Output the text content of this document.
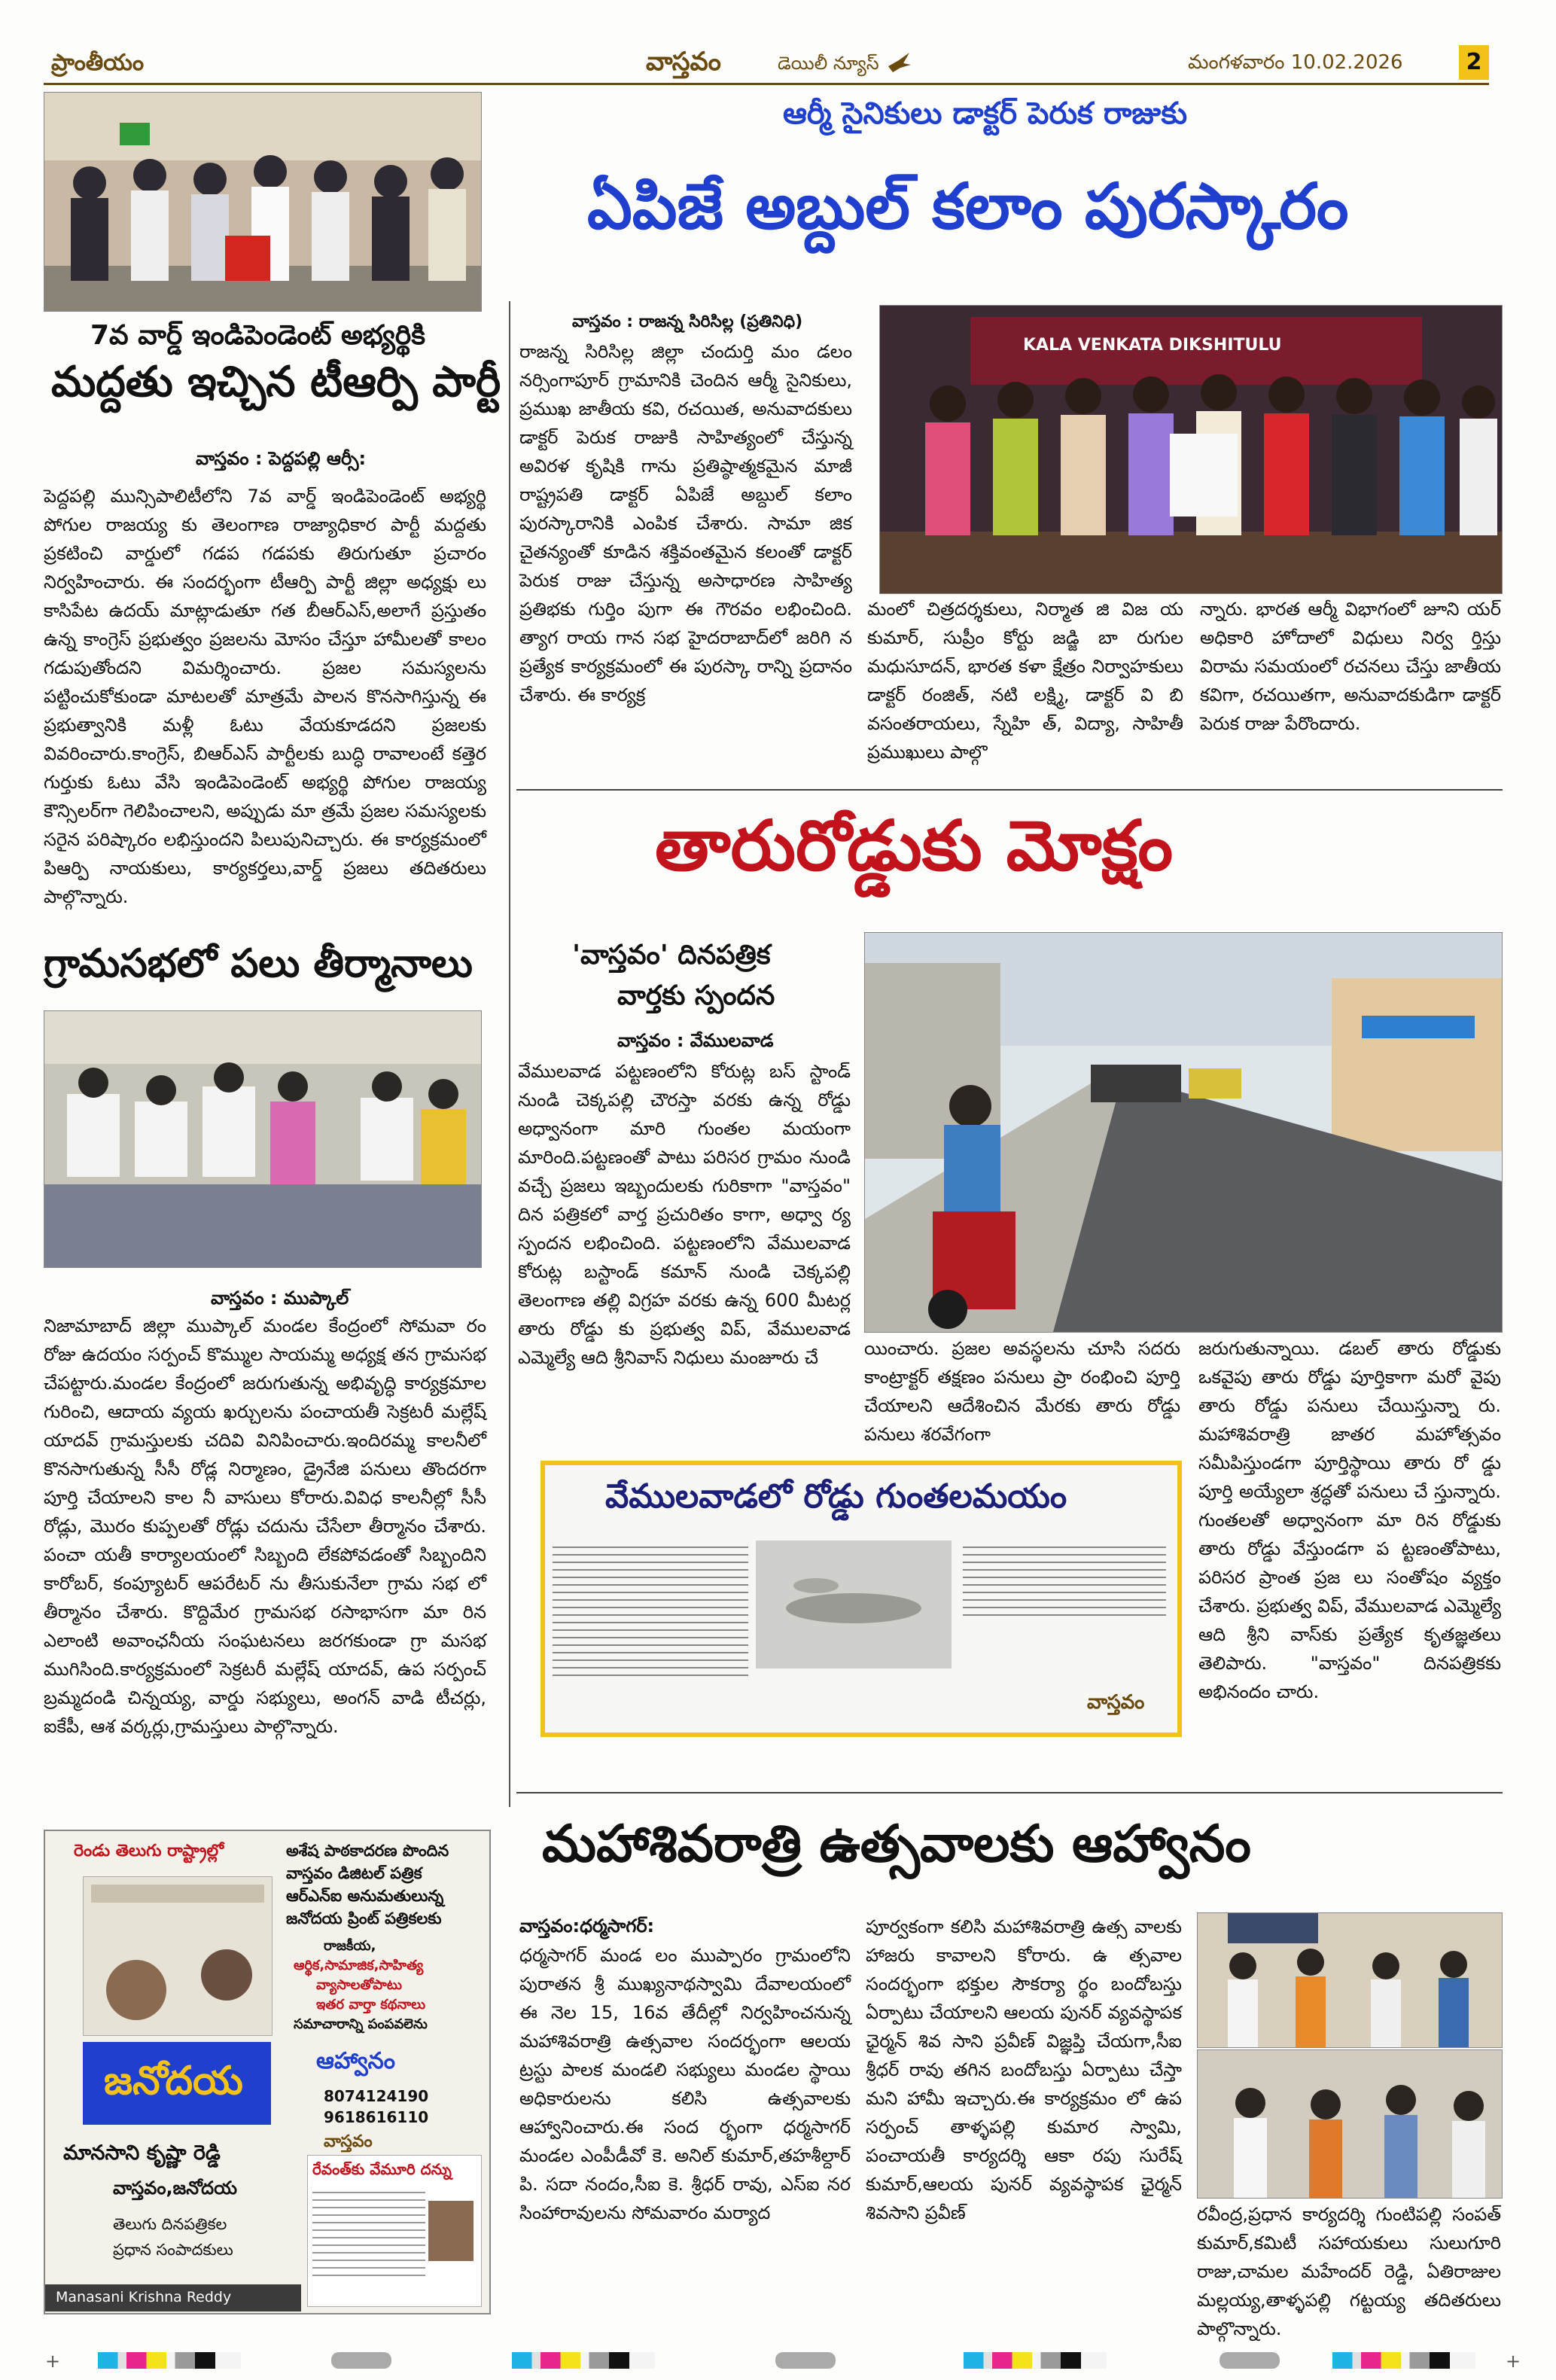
ప్రాంతీయం	వాస్తవం	డెయిలీ న్యూస్	మంగళవారం 10.02.2026	2
7వ వార్డ్ ఇండిపెండెంట్ అభ్యర్థికి
మద్దతు ఇచ్చిన టీఆర్పి పార్టీ
వాస్తవం : పెద్దపల్లి ఆర్సీ:

పెద్దపల్లి మున్సిపాలిటీలోని 7వ వార్డ్ ఇండిపెండెంట్ అభ్యర్థి పోగుల రాజయ్య కు తెలంగాణ రాజ్యాధికార పార్టీ మద్దతు ప్రకటించి వార్డులో గడప గడపకు తిరుగుతూ ప్రచారం నిర్వహించారు. ఈ సందర్భంగా టీఆర్పి పార్టీ జిల్లా అధ్యక్షు లు కాసిపేట ఉదయ్ మాట్లాడుతూ గత బీఆర్ఎస్,అలాగే ప్రస్తుతం ఉన్న కాంగ్రెస్ ప్రభుత్వం ప్రజలను మోసం చేస్తూ హామీలతో కాలం గడుపుతోందని విమర్శించారు. ప్రజల సమస్యలను పట్టించుకోకుండా మాటలతో మాత్రమే పాలన కొనసాగిస్తున్న ఈ ప్రభుత్వానికి మళ్లీ ఓటు వేయకూడదని ప్రజలకు వివరించారు.కాంగ్రెస్, బిఆర్ఎస్ పార్టీలకు బుద్ధి రావాలంటే కత్తెర గుర్తుకు ఓటు వేసి ఇండిపెండెంట్ అభ్యర్థి పోగుల రాజయ్య కౌన్సిలర్‌గా గెలిపించాలని, అప్పుడు మా త్రమే ప్రజల సమస్యలకు సరైన పరిష్కారం లభిస్తుందని పిలుపునిచ్చారు. ఈ కార్యక్రమంలో పిఆర్పి నాయకులు, కార్యకర్తలు,వార్డ్ ప్రజలు తదితరులు పాల్గొన్నారు.

ఆర్మీ సైనికులు డాక్టర్ పెరుక రాజుకు
ఏపిజే అబ్దుల్ కలాం పురస్కారం
వాస్తవం : రాజన్న సిరిసిల్ల (ప్రతినిధి)

రాజన్న సిరిసిల్ల జిల్లా చందుర్తి మం డలం నర్సింగాపూర్ గ్రామానికి చెందిన ఆర్మీ సైనికులు, ప్రముఖ జాతీయ కవి, రచయిత, అనువాదకులు డాక్టర్ పెరుక రాజుకి సాహిత్యంలో చేస్తున్న అవిరళ కృషికి గాను ప్రతిష్ఠాత్మకమైన మాజీ రాష్ట్రపతి డాక్టర్ ఏపిజే అబ్దుల్ కలాం పురస్కారానికి ఎంపిక చేశారు. సామా జిక చైతన్యంతో కూడిన శక్తివంతమైన కలంతో డాక్టర్ పెరుక రాజు చేస్తున్న అసాధారణ సాహిత్య ప్రతిభకు గుర్తిం పుగా ఈ గౌరవం లభించింది. త్యాగ రాయ గాన సభ హైదరాబాద్‌లో జరిగి న ప్రత్యేక కార్యక్రమంలో ఈ పురస్కా రాన్ని ప్రదానం చేశారు. ఈ కార్యక్ర

KALA VENKATA DIKSHITULU

మంలో చిత్రదర్శకులు, నిర్మాత జి విజ య కుమార్, సుప్రీం కోర్టు జడ్జి బా రుగుల మధుసూదన్, భారత కళా క్షేత్రం నిర్వాహకులు డాక్టర్ రంజిత్, నటి లక్ష్మి, డాక్టర్ వి బి వసంతరాయలు, స్నేహి త్, విద్యా, సాహితీ ప్రముఖులు పాల్గొ

న్నారు. భారత ఆర్మీ విభాగంలో జూని యర్ అధికారి హోదాలో విధులు నిర్వ ర్తిస్తు విరామ సమయంలో రచనలు చేస్తు జాతీయ కవిగా, రచయితగా, అనువాదకుడిగా డాక్టర్ పెరుక రాజు పేరొందారు.

గ్రామసభలో పలు తీర్మానాలు
వాస్తవం : ముప్కాల్

నిజామాబాద్ జిల్లా ముప్కాల్ మండల కేంద్రంలో సోమవా రం రోజు ఉదయం సర్పంచ్ కొమ్ముల సాయమ్మ అధ్యక్ష తన గ్రామసభ చేపట్టారు.మండల కేంద్రంలో జరుగుతున్న అభివృద్ధి కార్యక్రమాల గురించి, ఆదాయ వ్యయ ఖర్చులను పంచాయతీ సెక్రటరీ మల్లేష్ యాదవ్ గ్రామస్తులకు చదివి వినిపించారు.ఇందిరమ్మ కాలనీలో కొనసాగుతున్న సీసీ రోడ్ల నిర్మాణం, డ్రైనేజి పనులు తొందరగా పూర్తి చేయాలని కాల నీ వాసులు కోరారు.వివిధ కాలనీల్లో సీసీ రోడ్లు, మొరం కుప్పలతో రోడ్లు చదును చేసేలా తీర్మానం చేశారు. పంచా యతీ కార్యాలయంలో సిబ్బంది లేకపోవడంతో సిబ్బందిని కారోబర్, కంప్యూటర్ ఆపరేటర్ ను తీసుకునేలా గ్రామ సభ లో తీర్మానం చేశారు. కొద్దిమేర గ్రామసభ రసాభాసగా మా రిన ఎలాంటి అవాంఛనీయ సంఘటనలు జరగకుండా గ్రా మసభ ముగిసింది.కార్యక్రమంలో సెక్రటరీ మల్లేష్ యాదవ్, ఉప సర్పంచ్ బ్రమ్మదండి చిన్నయ్య, వార్డు సభ్యులు, అంగన్ వాడి టీచర్లు, ఐకేపీ, ఆశ వర్కర్లు,గ్రామస్తులు పాల్గొన్నారు.

తారురోడ్డుకు మోక్షం
'వాస్తవం' దినపత్రిక
వార్తకు స్పందన
వాస్తవం : వేములవాడ

వేములవాడ పట్టణంలోని కోరుట్ల బస్ స్టాండ్ నుండి చెక్కపల్లి చౌరస్తా వరకు ఉన్న రోడ్డు అధ్వానంగా మారి గుంతల మయంగా మారింది.పట్టణంతో పాటు పరిసర గ్రామం నుండి వచ్చే ప్రజలు ఇబ్బందులకు గురికాగా "వాస్తవం" దిన పత్రికలో వార్త ప్రచురితం కాగా, అధ్వా ర్య స్పందన లభించింది. పట్టణంలోని వేములవాడ కోరుట్ల బస్టాండ్ కమాన్ నుండి చెక్కపల్లి తెలంగాణ తల్లి విగ్రహ వరకు ఉన్న 600 మీటర్ల తారు రోడ్డు కు ప్రభుత్వ విప్, వేములవాడ ఎమ్మెల్యే ఆది శ్రీనివాస్ నిధులు మంజూరు చే	యించారు. ప్రజల అవస్థలను చూసి సదరు కాంట్రాక్టర్ తక్షణం పనులు ప్రా రంభించి పూర్తి చేయాలని ఆదేశించిన మేరకు తారు రోడ్డు పనులు శరవేగంగా

జరుగుతున్నాయి. డబల్ తారు రోడ్డుకు ఒకవైపు తారు రోడ్డు పూర్తికాగా మరో వైపు తారు రోడ్డు పనులు చేయిస్తున్నా రు. మహాశివరాత్రి జాతర మహోత్సవం సమీపిస్తుండగా పూర్తిస్థాయి తారు రో డ్డు పూర్తి అయ్యేలా శ్రద్ధతో పనులు చే స్తున్నారు. గుంతలతో అధ్వానంగా మా రిన రోడ్డుకు తారు రోడ్డు వేస్తుండగా ప ట్టణంతోపాటు, పరిసర ప్రాంత ప్రజ లు సంతోషం వ్యక్తం చేశారు. ప్రభుత్వ విప్, వేములవాడ ఎమ్మెల్యే ఆది శ్రీని వాస్‌కు ప్రత్యేక కృతజ్ఞతలు తెలిపారు. "వాస్తవం" దినపత్రికకు అభినందం చారు.

వేములవాడలో రోడ్డు గుంతలమయం
వాస్తవం
రెండు తెలుగు రాష్ట్రాల్లో	అశేష పాఠకాదరణ పొందిన
వాస్తవం డిజిటల్ పత్రిక
ఆర్ఎన్ఐ అనుమతులున్న
జనోదయ ప్రింట్ పత్రికలకు
రాజకీయ,
ఆర్థిక,సామాజిక,సాహిత్య
వ్యాసాలతోపాటు
ఇతర వార్తా కథనాలు
సమాచారాన్ని పంపవలెను
ఆహ్వానం
8074124190
9618616110
జనోదయ
వాస్తవం
రేవంత్‌కు వేమూరి దన్ను
మానసాని కృష్ణా రెడ్డి
వాస్తవం,జనోదయ
తెలుగు దినపత్రికల
ప్రధాన సంపాదకులు
Manasani Krishna Reddy
మహాశివరాత్రి ఉత్సవాలకు ఆహ్వానం
వాస్తవం:ధర్మసాగర్:

ధర్మసాగర్ మండ లం ముప్పారం గ్రామంలోని పురాతన శ్రీ ముఖ్యనాథస్వామి దేవాలయంలో ఈ నెల 15, 16వ తేదీల్లో నిర్వహించనున్న మహాశివరాత్రి ఉత్సవాల సందర్భంగా ఆలయ ట్రస్టు పాలక మండలి సభ్యులు మండల స్థాయి అధికారులను కలిసి ఉత్సవాలకు ఆహ్వానించారు.ఈ సంద ర్భంగా ధర్మసాగర్ మండల ఎంపీడీవో కె. అనిల్ కుమార్,తహశీల్దార్ పి. సదా నందం,సీఐ కె. శ్రీధర్ రావు, ఎస్ఐ నర సింహారావులను సోమవారం మర్యాద

పూర్వకంగా కలిసి మహాశివరాత్రి ఉత్స వాలకు హాజరు కావాలని కోరారు. ఉ త్సవాల సందర్భంగా భక్తుల సౌకర్యా ర్థం బందోబస్తు ఏర్పాటు చేయాలని ఆలయ పునర్ వ్యవస్థాపక ఛైర్మన్ శివ సాని ప్రవీణ్ విజ్ఞప్తి చేయగా,సీఐ శ్రీధర్ రావు తగిన బందోబస్తు ఏర్పాటు చేస్తా మని హామీ ఇచ్చారు.ఈ కార్యక్రమం లో ఉప సర్పంచ్ తాళ్ళపల్లి కుమార స్వామి, పంచాయతీ కార్యదర్శి ఆకా రపు సురేష్ కుమార్,ఆలయ పునర్ వ్యవస్థాపక ఛైర్మన్ శివసాని ప్రవీణ్	రవీంద్ర,ప్రధాన కార్యదర్శి గుంటిపల్లి సంపత్ కుమార్,కమిటీ సహాయకులు సులుగూరి రాజు,చామల మహేందర్ రెడ్డి, ఏతిరాజుల మల్లయ్య,తాళ్ళపల్లి గట్టయ్య తదితరులు పాల్గొన్నారు.

+	+
